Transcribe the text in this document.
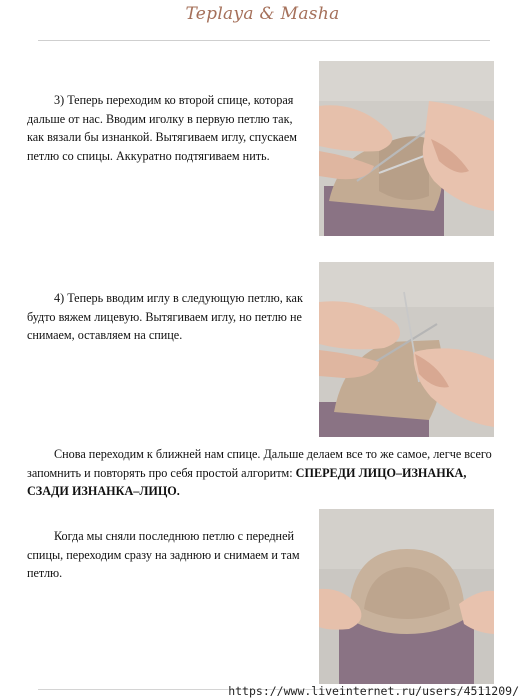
Teplaya & Masha

3) Теперь переходим ко второй спице, которая дальше от нас. Вводим иголку в первую петлю так, как вязали бы изнанкой. Вытягиваем иглу, спускаем петлю со спицы. Аккуратно подтягиваем нить.

4) Теперь вводим иглу в следующую петлю, как будто вяжем лицевую. Вытягиваем иглу, но петлю не снимаем, оставляем на спице.

Снова переходим к ближней нам спице. Дальше делаем все то же самое, легче всего запомнить и повторять про себя простой алгоритм: СПЕРЕДИ ЛИЦО–ИЗНАНКА, СЗАДИ ИЗНАНКА–ЛИЦО.

Когда мы сняли последнюю петлю с передней спицы, переходим сразу на заднюю и снимаем и там петлю.

https://www.liveinternet.ru/users/4511209/
